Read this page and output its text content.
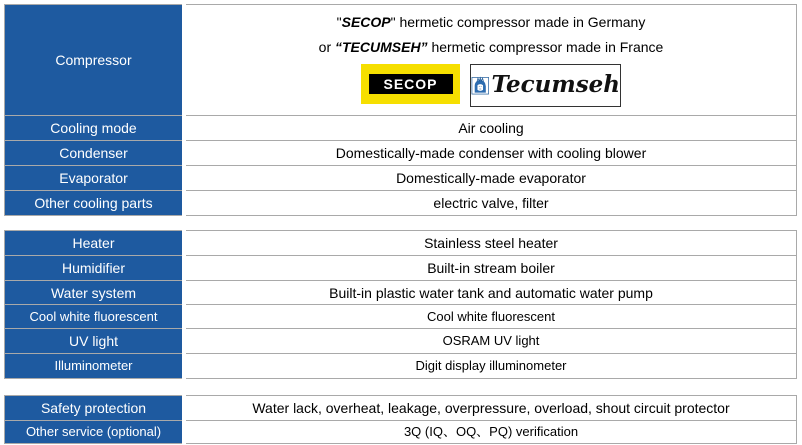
Compressor	"SECOP" hermetic compressor made in Germany
or “TECUMSEH” hermetic compressor made in France
SECOP Tecumseh

Cooling mode	Air cooling
Condenser	Domestically-made condenser with cooling blower
Evaporator	Domestically-made evaporator
Other cooling parts	electric valve, filter
Heater	Stainless steel heater
Humidifier	Built-in stream boiler
Water system	Built-in plastic water tank and automatic water pump
Cool white fluorescent	Cool white fluorescent
UV light	OSRAM UV light
Illuminometer	Digit display illuminometer
Safety protection	Water lack, overheat, leakage, overpressure, overload, shout circuit protector
Other service (optional)	3Q (IQ、OQ、PQ) verification
